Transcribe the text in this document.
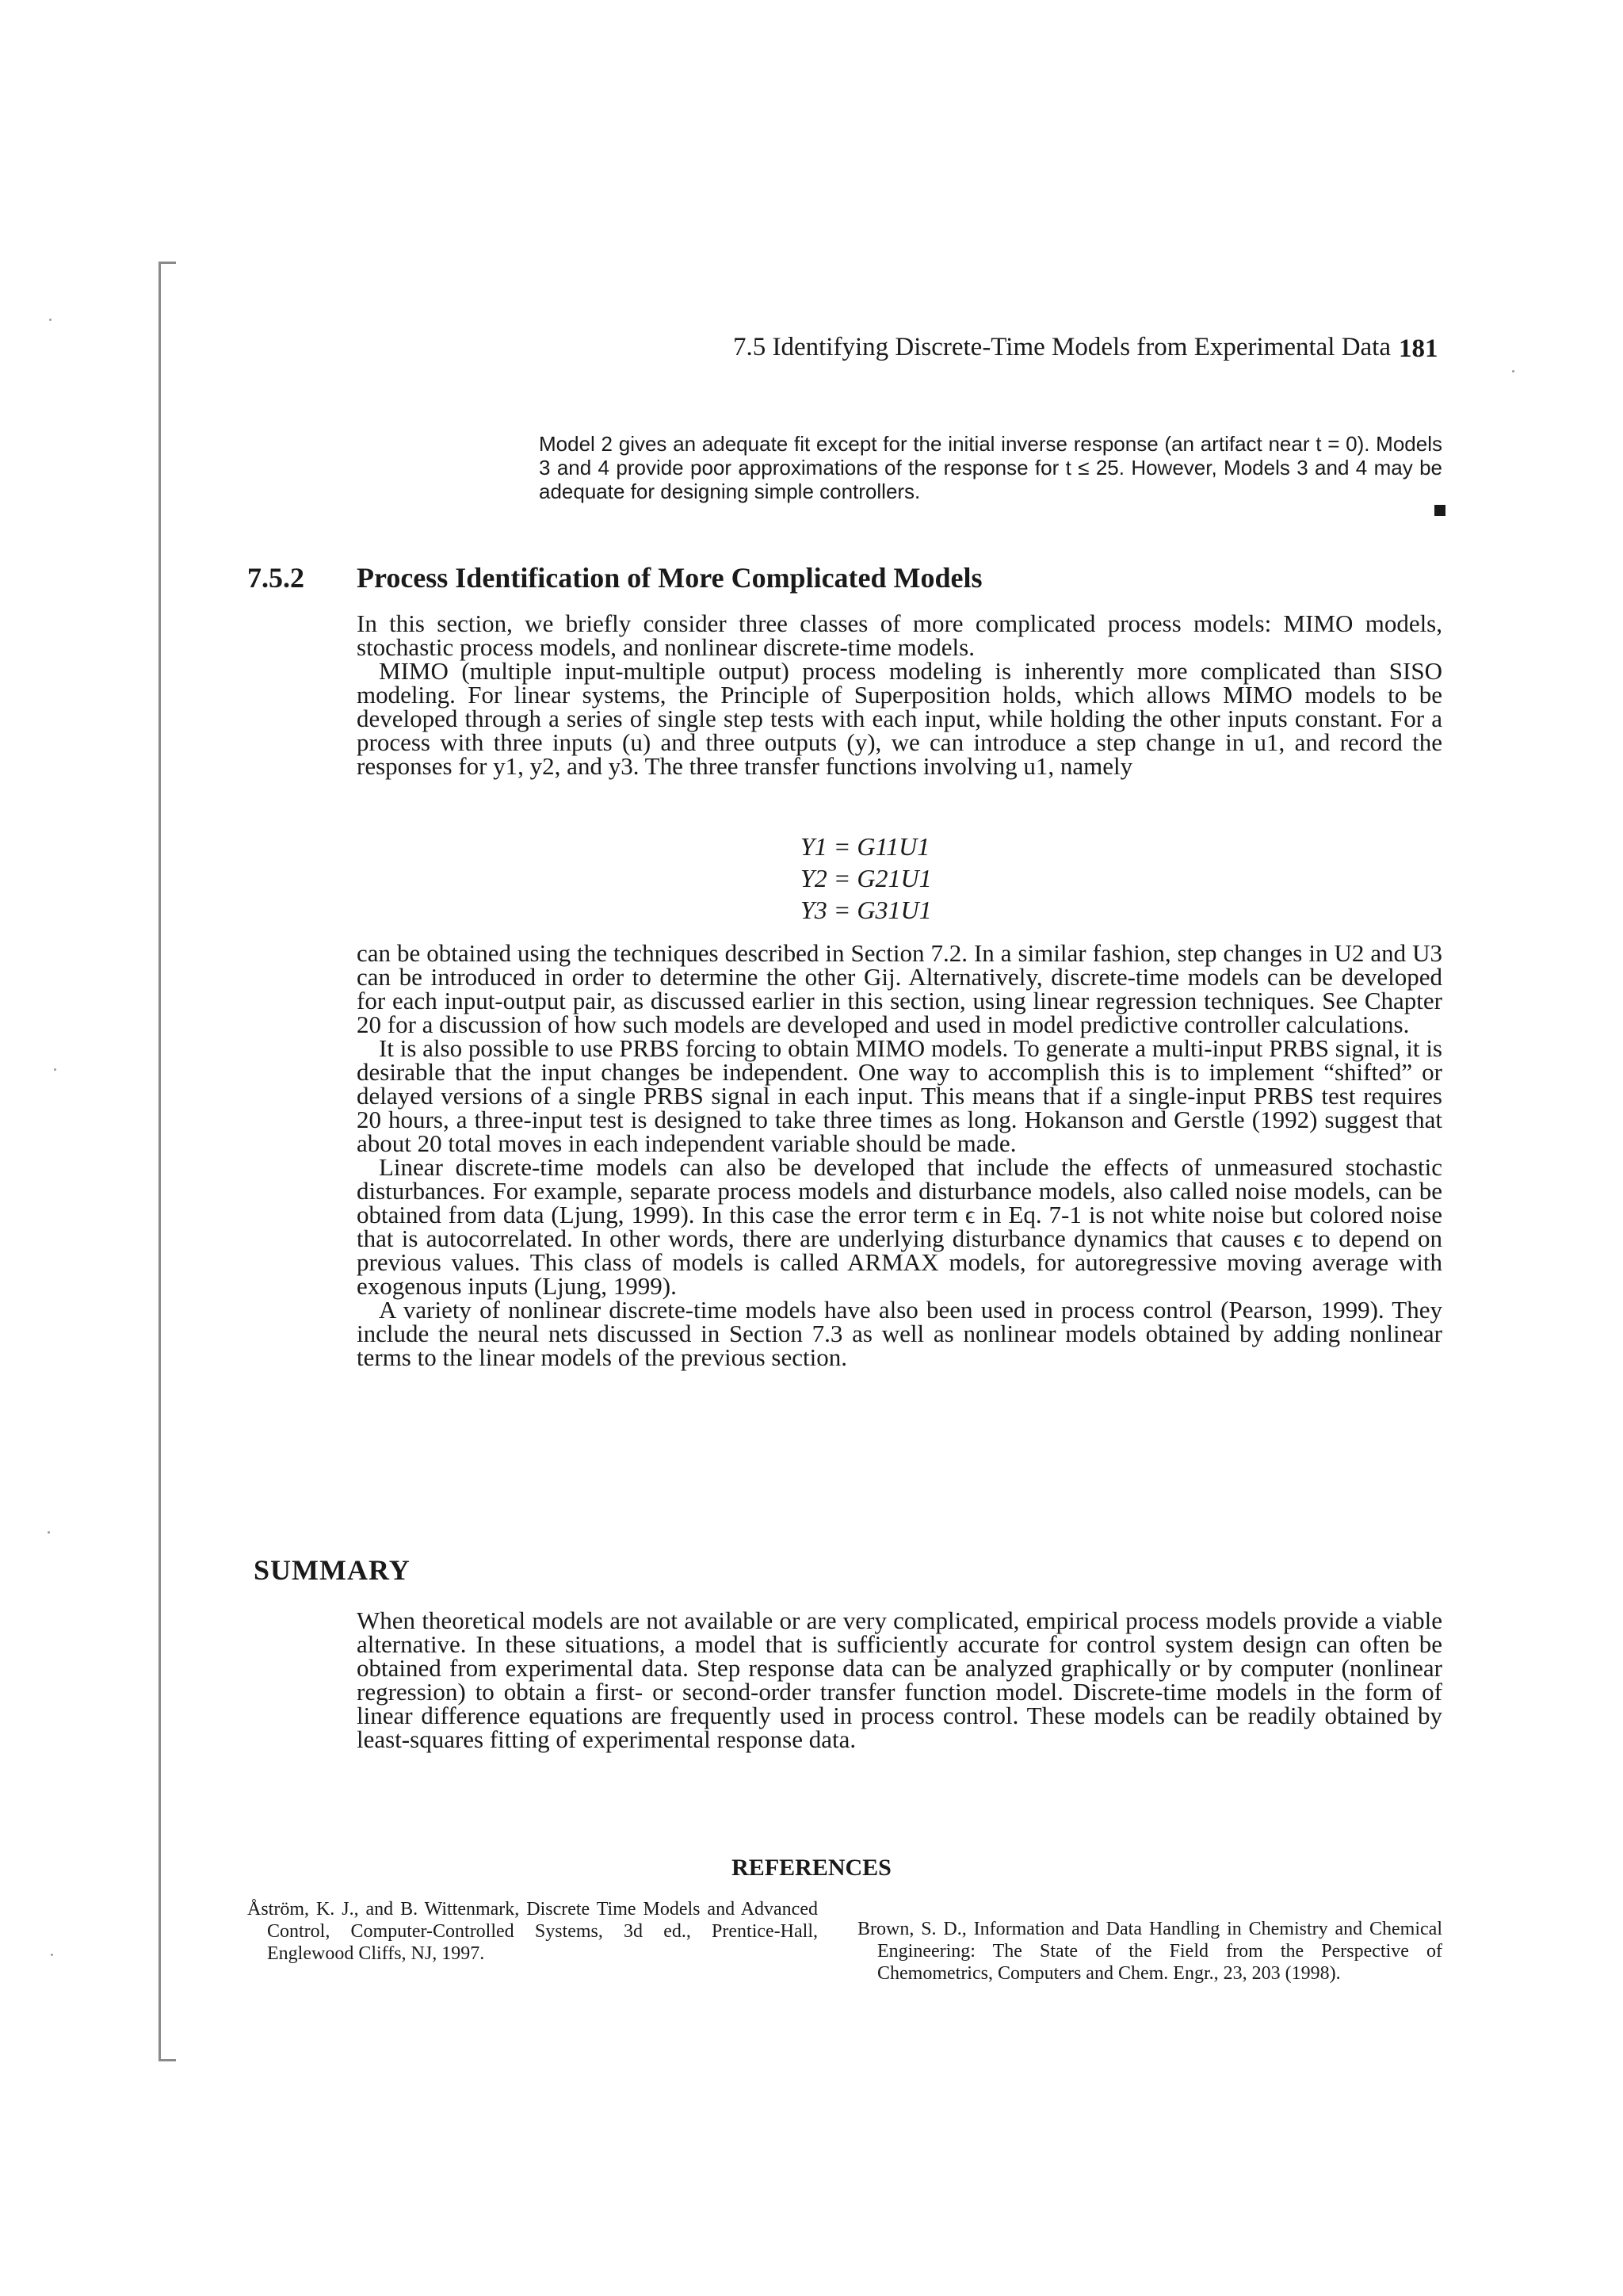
7.5 Identifying Discrete-Time Models from Experimental Data 181
Model 2 gives an adequate fit except for the initial inverse response (an artifact near t = 0). Models 3 and 4 provide poor approximations of the response for t ≤ 25. However, Models 3 and 4 may be adequate for designing simple controllers.
7.5.2 Process Identification of More Complicated Models

In this section, we briefly consider three classes of more complicated process models: MIMO models, stochastic process models, and nonlinear discrete-time models.

MIMO (multiple input-multiple output) process modeling is inherently more complicated than SISO modeling. For linear systems, the Principle of Superposition holds, which allows MIMO models to be developed through a series of single step tests with each input, while holding the other inputs constant. For a process with three inputs (u) and three outputs (y), we can introduce a step change in u1, and record the responses for y1, y2, and y3. The three transfer functions involving u1, namely

Y1 = G11U1
Y2 = G21U1
Y3 = G31U1

can be obtained using the techniques described in Section 7.2. In a similar fashion, step changes in U2 and U3 can be introduced in order to determine the other Gij. Alternatively, discrete-time models can be developed for each input-output pair, as discussed earlier in this section, using linear regression techniques. See Chapter 20 for a discussion of how such models are developed and used in model predictive controller calculations.

It is also possible to use PRBS forcing to obtain MIMO models. To generate a multi-input PRBS signal, it is desirable that the input changes be independent. One way to accomplish this is to implement “shifted” or delayed versions of a single PRBS signal in each input. This means that if a single-input PRBS test requires 20 hours, a three-input test is designed to take three times as long. Hokanson and Gerstle (1992) suggest that about 20 total moves in each independent variable should be made.

Linear discrete-time models can also be developed that include the effects of unmeasured stochastic disturbances. For example, separate process models and disturbance models, also called noise models, can be obtained from data (Ljung, 1999). In this case the error term ϵ in Eq. 7-1 is not white noise but colored noise that is autocorrelated. In other words, there are underlying disturbance dynamics that causes ϵ to depend on previous values. This class of models is called ARMAX models, for autoregressive moving average with exogenous inputs (Ljung, 1999).

A variety of nonlinear discrete-time models have also been used in process control (Pearson, 1999). They include the neural nets discussed in Section 7.3 as well as nonlinear models obtained by adding nonlinear terms to the linear models of the previous section.

SUMMARY

When theoretical models are not available or are very complicated, empirical process models provide a viable alternative. In these situations, a model that is sufficiently accurate for control system design can often be obtained from experimental data. Step response data can be analyzed graphically or by computer (nonlinear regression) to obtain a first- or second-order transfer function model. Discrete-time models in the form of linear difference equations are frequently used in process control. These models can be readily obtained by least-squares fitting of experimental response data.

REFERENCES
Åström, K. J., and B. Wittenmark, Discrete Time Models and Advanced Control, Computer-Controlled Systems, 3d ed., Prentice-Hall, Englewood Cliffs, NJ, 1997.
Brown, S. D., Information and Data Handling in Chemistry and Chemical Engineering: The State of the Field from the Perspective of Chemometrics, Computers and Chem. Engr., 23, 203 (1998).
